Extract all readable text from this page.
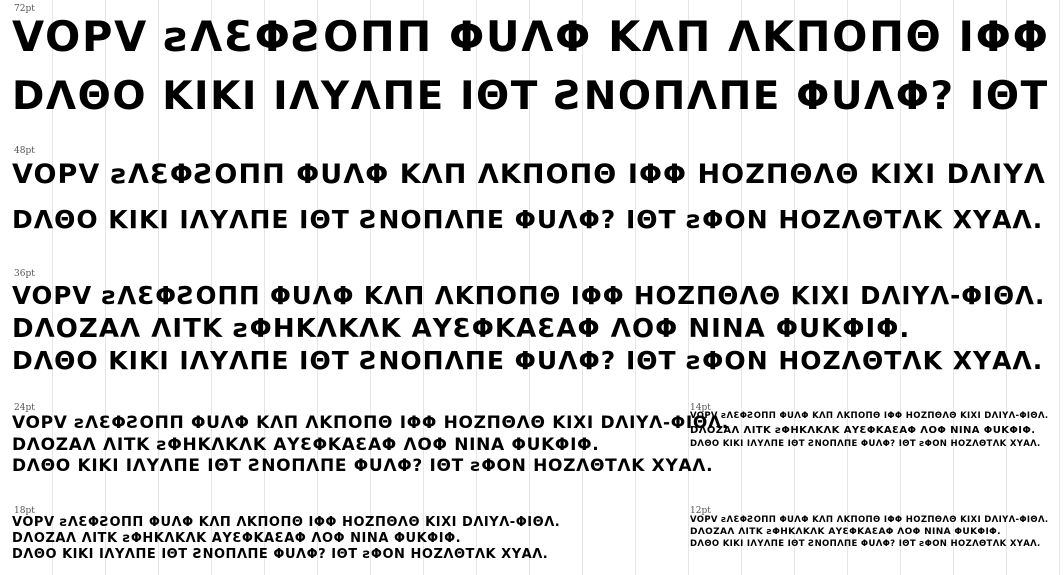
72pt
VOPV ƨΛƐΦƧOΠΠ ΦUΛΦ KΛΠ ΛKΠOΠΘ ΙΦΦ
DΛΘO ΚΙΚΙ ΙΛΥΛΠΕ ΙΘΤ ƧΝΟΠΛΠΕ ΦUΛΦ? ΙΘΤ
48pt
VOPV ƨΛƐΦƧOΠΠ ΦUΛΦ KΛΠ ΛKΠOΠΘ ΙΦΦ ΗΟΖΠΘΛΘ ΚΙΧΙ DΛΙΥΛ
DΛΘO ΚΙΚΙ ΙΛΥΛΠΕ ΙΘΤ ƧΝΟΠΛΠΕ ΦUΛΦ? ΙΘΤ ƨΦΟΝ ΗΟΖΛΘΤΛΚ ΧΥΑΛ.
36pt
VOPV ƨΛƐΦƧOΠΠ ΦUΛΦ KΛΠ ΛKΠOΠΘ ΙΦΦ ΗΟΖΠΘΛΘ ΚΙΧΙ DΛΙΥΛ-ΦΙΘΛ.
DΛΟΖΑΛ ΛΙΤΚ ƨΦΗΚΛΚΛΚ ΑΥƐΦΚΑƐΑΦ ΛΟΦ ΝΙΝΑ ΦUΚΦΙΦ.
DΛΘO ΚΙΚΙ ΙΛΥΛΠΕ ΙΘΤ ƧΝΟΠΛΠΕ ΦUΛΦ? ΙΘΤ ƨΦΟΝ ΗΟΖΛΘΤΛΚ ΧΥΑΛ.
24pt
VOPV ƨΛƐΦƧOΠΠ ΦUΛΦ KΛΠ ΛKΠOΠΘ ΙΦΦ ΗΟΖΠΘΛΘ ΚΙΧΙ DΛΙΥΛ-ΦΙΘΛ.
DΛΟΖΑΛ ΛΙΤΚ ƨΦΗΚΛΚΛΚ ΑΥƐΦΚΑƐΑΦ ΛΟΦ ΝΙΝΑ ΦUΚΦΙΦ.
DΛΘO ΚΙΚΙ ΙΛΥΛΠΕ ΙΘΤ ƧΝΟΠΛΠΕ ΦUΛΦ? ΙΘΤ ƨΦΟΝ ΗΟΖΛΘΤΛΚ ΧΥΑΛ.
18pt
VOPV ƨΛƐΦƧOΠΠ ΦUΛΦ KΛΠ ΛKΠOΠΘ ΙΦΦ ΗΟΖΠΘΛΘ ΚΙΧΙ DΛΙΥΛ-ΦΙΘΛ.
DΛΟΖΑΛ ΛΙΤΚ ƨΦΗΚΛΚΛΚ ΑΥƐΦΚΑƐΑΦ ΛΟΦ ΝΙΝΑ ΦUΚΦΙΦ.
DΛΘO ΚΙΚΙ ΙΛΥΛΠΕ ΙΘΤ ƧΝΟΠΛΠΕ ΦUΛΦ? ΙΘΤ ƨΦΟΝ ΗΟΖΛΘΤΛΚ ΧΥΑΛ.
14pt
VOPV ƨΛƐΦƧOΠΠ ΦUΛΦ KΛΠ ΛKΠOΠΘ ΙΦΦ ΗΟΖΠΘΛΘ ΚΙΧΙ DΛΙΥΛ-ΦΙΘΛ.
DΛΟΖΑΛ ΛΙΤΚ ƨΦΗΚΛΚΛΚ ΑΥƐΦΚΑƐΑΦ ΛΟΦ ΝΙΝΑ ΦUΚΦΙΦ.
DΛΘO ΚΙΚΙ ΙΛΥΛΠΕ ΙΘΤ ƧΝΟΠΛΠΕ ΦUΛΦ? ΙΘΤ ƨΦΟΝ ΗΟΖΛΘΤΛΚ ΧΥΑΛ.
12pt
VOPV ƨΛƐΦƧOΠΠ ΦUΛΦ KΛΠ ΛKΠOΠΘ ΙΦΦ ΗΟΖΠΘΛΘ ΚΙΧΙ DΛΙΥΛ-ΦΙΘΛ.
DΛΟΖΑΛ ΛΙΤΚ ƨΦΗΚΛΚΛΚ ΑΥƐΦΚΑƐΑΦ ΛΟΦ ΝΙΝΑ ΦUΚΦΙΦ.
DΛΘO ΚΙΚΙ ΙΛΥΛΠΕ ΙΘΤ ƧΝΟΠΛΠΕ ΦUΛΦ? ΙΘΤ ƨΦΟΝ ΗΟΖΛΘΤΛΚ ΧΥΑΛ.
